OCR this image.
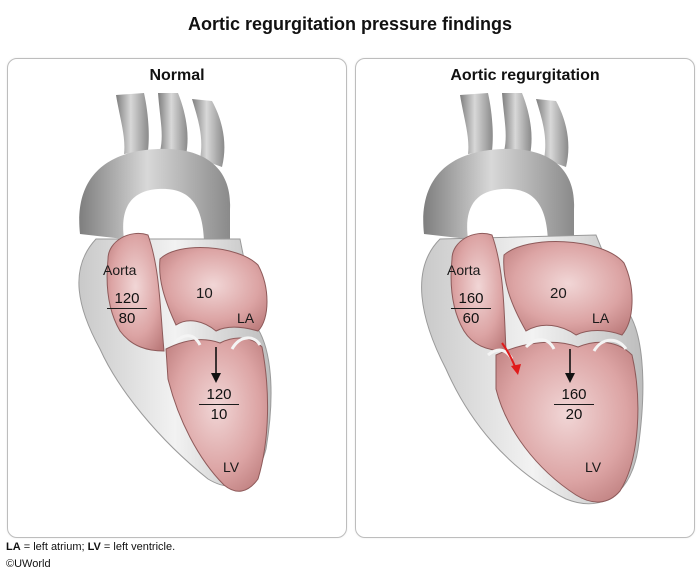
Aortic regurgitation pressure findings
Normal
Aorta
$\frac{120}{80}$	10
LA
$\frac{120}{10}$
LV
Aortic regurgitation
Aorta
$\frac{160}{60}$	20
LA
$\frac{160}{20}$
LV
LA = left atrium; LV = left ventricle.
©UWorld
